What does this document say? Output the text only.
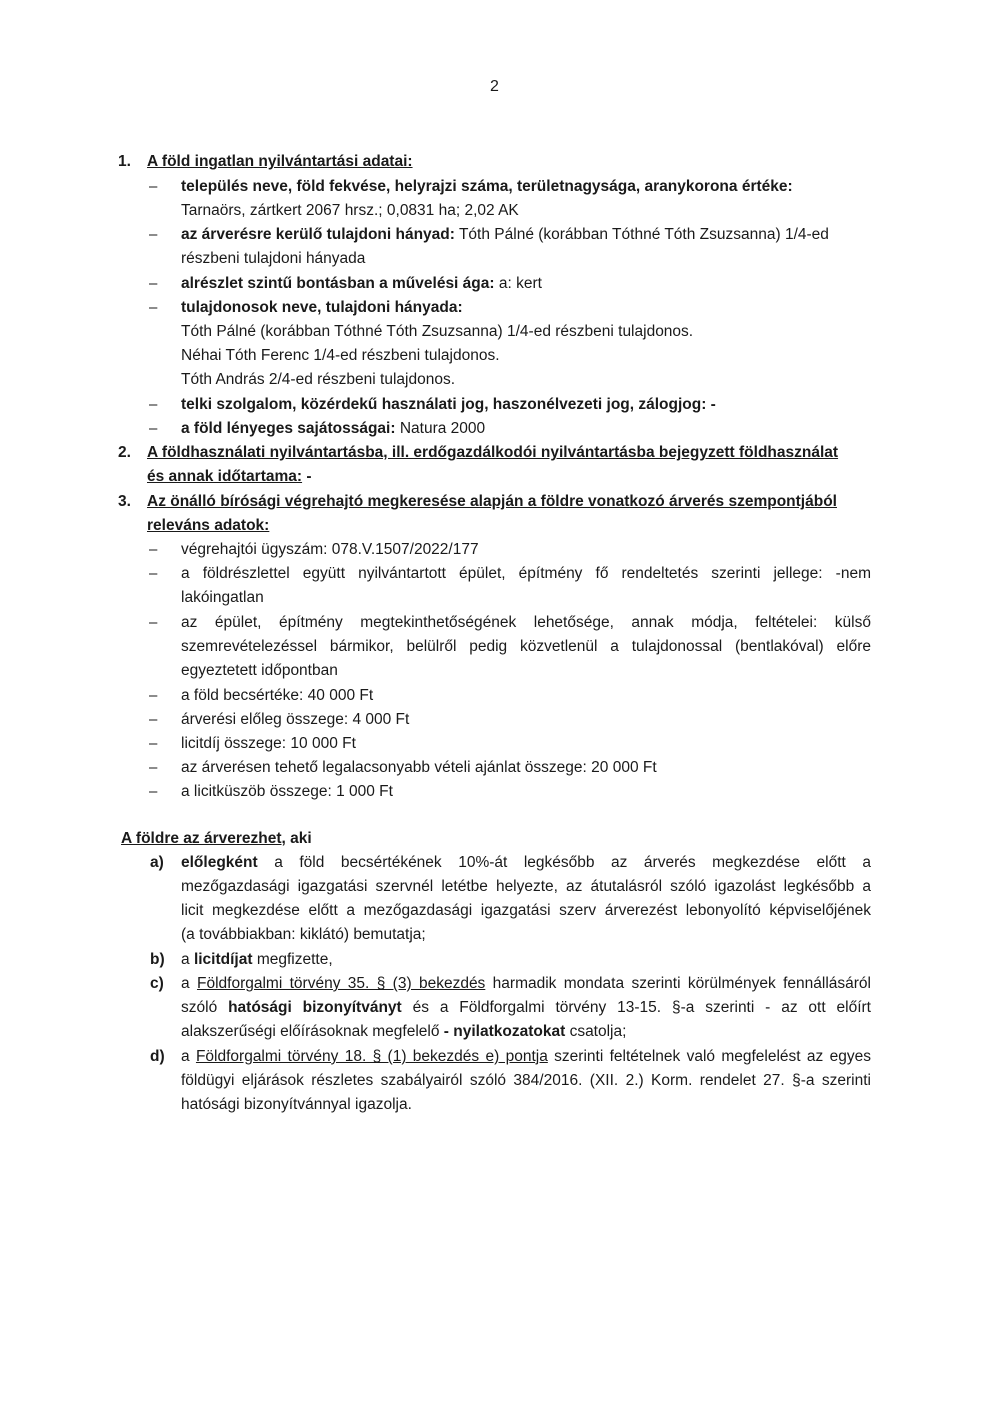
2
1. A föld ingatlan nyilvántartási adatai:
– település neve, föld fekvése, helyrajzi száma, területnagysága, aranykorona értéke:
Tarnaörs, zártkert 2067 hrsz.; 0,0831 ha; 2,02 AK
– az árverésre kerülő tulajdoni hányad: Tóth Pálné (korábban Tóthné Tóth Zsuzsanna) 1/4-ed
részbeni tulajdoni hányada
– alrészlet szintű bontásban a művelési ága: a: kert
– tulajdonosok neve, tulajdoni hányada:
Tóth Pálné (korábban Tóthné Tóth Zsuzsanna) 1/4-ed részbeni tulajdonos.
Néhai Tóth Ferenc 1/4-ed részbeni tulajdonos.
Tóth András 2/4-ed részbeni tulajdonos.
– telki szolgalom, közérdekű használati jog, haszonélvezeti jog, zálogjog: -
– a föld lényeges sajátosságai: Natura 2000
2. A földhasználati nyilvántartásba, ill. erdőgazdálkodói nyilvántartásba bejegyzett földhasználat
és annak időtartama: -
3. Az önálló bírósági végrehajtó megkeresése alapján a földre vonatkozó árverés szempontjából
releváns adatok:
– végrehajtói ügyszám: 078.V.1507/2022/177
– a földrészlettel együtt nyilvántartott épület, építmény fő rendeltetés szerinti jellege: -nem
lakóingatlan
– az épület, építmény megtekinthetőségének lehetősége, annak módja, feltételei: külső
szemrevételezéssel bármikor, belülről pedig közvetlenül a tulajdonossal (bentlakóval) előre
egyeztetett időpontban
– a föld becsértéke: 40 000 Ft
– árverési előleg összege: 4 000 Ft
– licitdíj összege: 10 000 Ft
– az árverésen tehető legalacsonyabb vételi ajánlat összege: 20 000 Ft
– a licitküszöb összege: 1 000 Ft
A földre az árverezhet, aki
a) előlegként a föld becsértékének 10%-át legkésőbb az árverés megkezdése előtt a
mezőgazdasági igazgatási szervnél letétbe helyezte, az átutalásról szóló igazolást legkésőbb a
licit megkezdése előtt a mezőgazdasági igazgatási szerv árverezést lebonyolító képviselőjének
(a továbbiakban: kiklátó) bemutatja;
b) a licitdíjat megfizette,
c) a Földforgalmi törvény 35. § (3) bekezdés harmadik mondata szerinti körülmények fennállásáról
szóló hatósági bizonyítványt és a Földforgalmi törvény 13-15. §-a szerinti - az ott előírt
alakszerűségi előírásoknak megfelelő - nyilatkozatokat csatolja;
d) a Földforgalmi törvény 18. § (1) bekezdés e) pontja szerinti feltételnek való megfelelést az egyes
földügyi eljárások részletes szabályairól szóló 384/2016. (XII. 2.) Korm. rendelet 27. §-a szerinti
hatósági bizonyítvánnyal igazolja.
